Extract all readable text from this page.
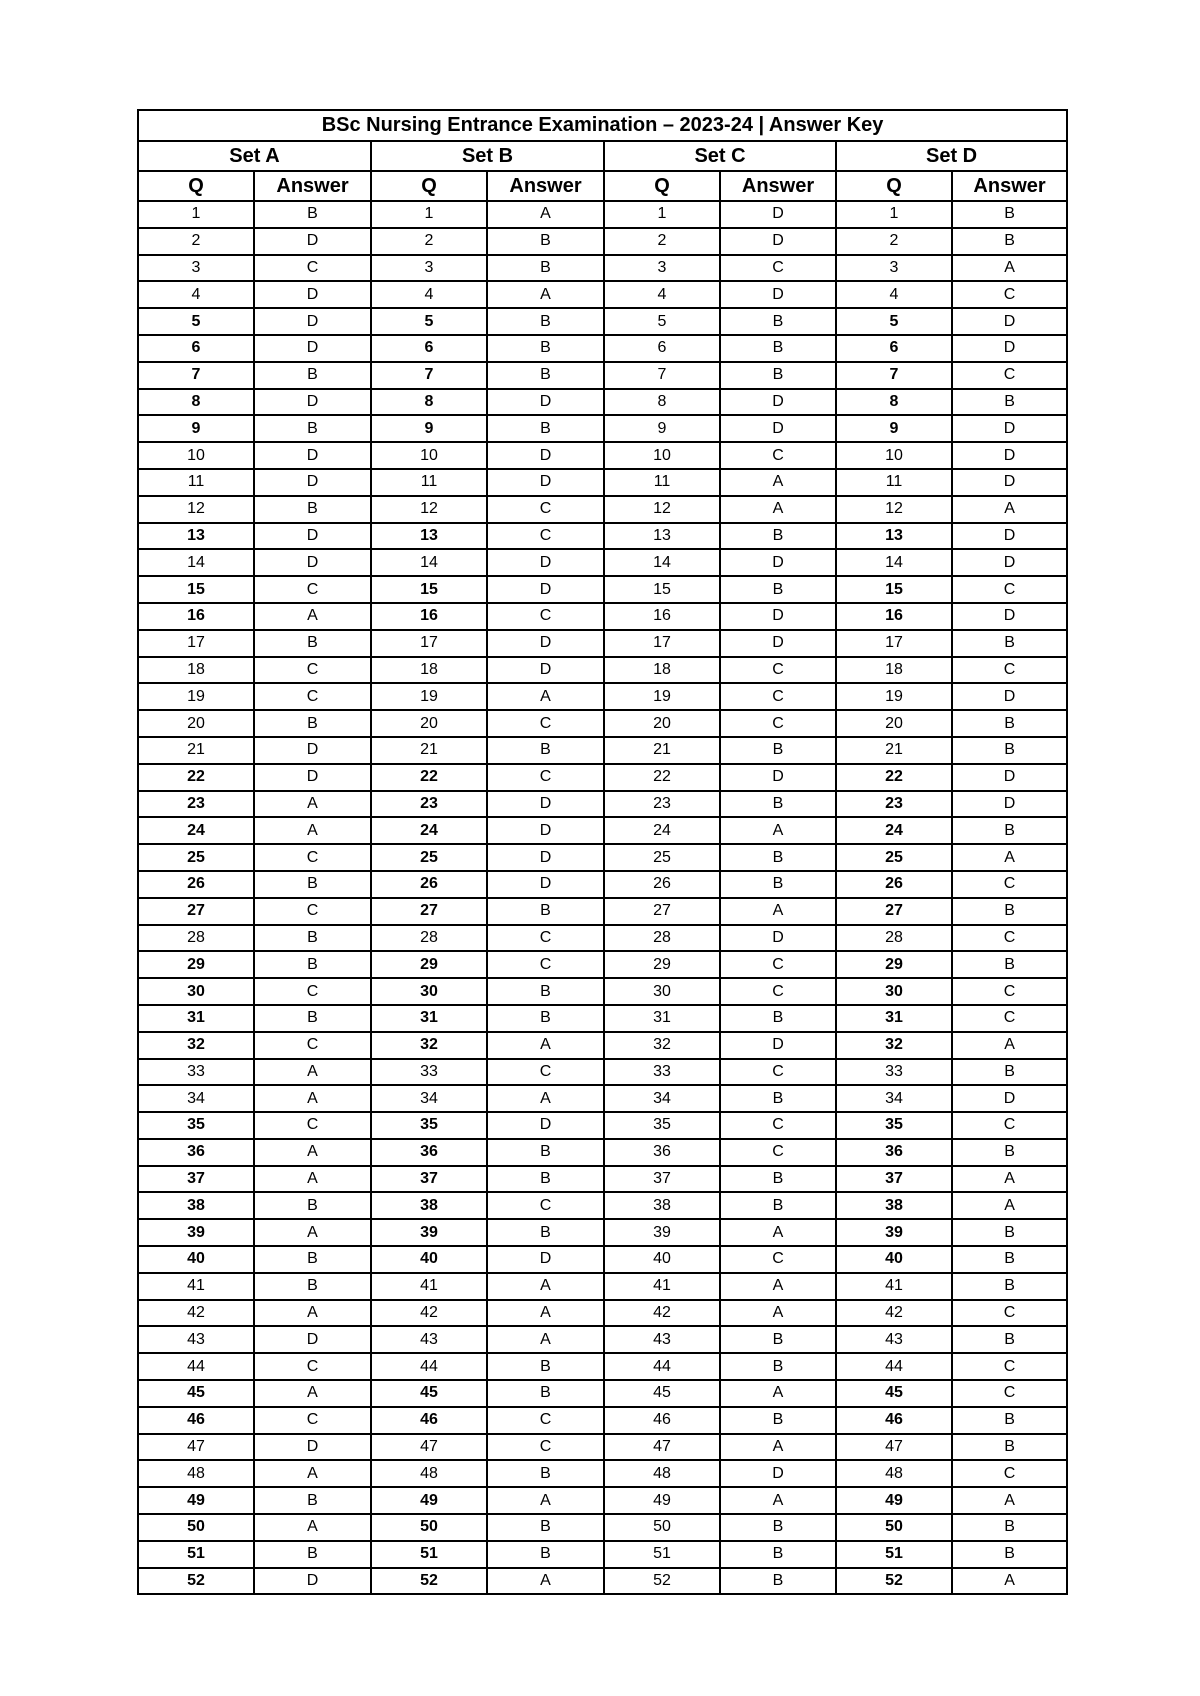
BSc Nursing Entrance Examination – 2023-24 | Answer Key							
Set A		Set B		Set C		Set D	
Q	Answer	Q	Answer	Q	Answer	Q	Answer
1	B	1	A	1	D	1	B
2	D	2	B	2	D	2	B
3	C	3	B	3	C	3	A
4	D	4	A	4	D	4	C
5	D	5	B	5	B	5	D
6	D	6	B	6	B	6	D
7	B	7	B	7	B	7	C
8	D	8	D	8	D	8	B
9	B	9	B	9	D	9	D
10	D	10	D	10	C	10	D
11	D	11	D	11	A	11	D
12	B	12	C	12	A	12	A
13	D	13	C	13	B	13	D
14	D	14	D	14	D	14	D
15	C	15	D	15	B	15	C
16	A	16	C	16	D	16	D
17	B	17	D	17	D	17	B
18	C	18	D	18	C	18	C
19	C	19	A	19	C	19	D
20	B	20	C	20	C	20	B
21	D	21	B	21	B	21	B
22	D	22	C	22	D	22	D
23	A	23	D	23	B	23	D
24	A	24	D	24	A	24	B
25	C	25	D	25	B	25	A
26	B	26	D	26	B	26	C
27	C	27	B	27	A	27	B
28	B	28	C	28	D	28	C
29	B	29	C	29	C	29	B
30	C	30	B	30	C	30	C
31	B	31	B	31	B	31	C
32	C	32	A	32	D	32	A
33	A	33	C	33	C	33	B
34	A	34	A	34	B	34	D
35	C	35	D	35	C	35	C
36	A	36	B	36	C	36	B
37	A	37	B	37	B	37	A
38	B	38	C	38	B	38	A
39	A	39	B	39	A	39	B
40	B	40	D	40	C	40	B
41	B	41	A	41	A	41	B
42	A	42	A	42	A	42	C
43	D	43	A	43	B	43	B
44	C	44	B	44	B	44	C
45	A	45	B	45	A	45	C
46	C	46	C	46	B	46	B
47	D	47	C	47	A	47	B
48	A	48	B	48	D	48	C
49	B	49	A	49	A	49	A
50	A	50	B	50	B	50	B
51	B	51	B	51	B	51	B
52	D	52	A	52	B	52	A
